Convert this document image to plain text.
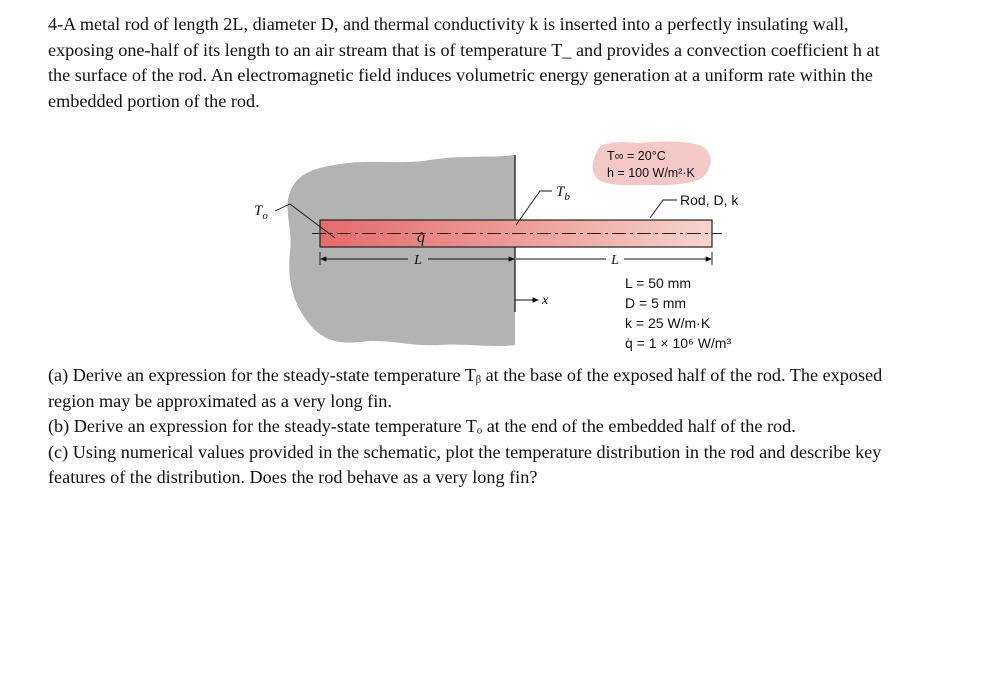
4-A metal rod of length 2L, diameter D, and thermal conductivity k is inserted into a perfectly insulating wall,
exposing one-half of its length to an air stream that is of temperature T_ and provides a convection coefficient h at
the surface of the rod. An electromagnetic field induces volumetric energy generation at a uniform rate within the
embedded portion of the rod.
$T_o$
$T_b$	Rod, D, k
T∞ = 20°C
h = 100 W/m²·K
q̇
L	L
x
L = 50 mm
D = 5 mm
k = 25 W/m·K
q̇ = 1 × 10⁶ W/m³
(a) Derive an expression for the steady-state temperature Tᵦ at the base of the exposed half of the rod. The exposed
region may be approximated as a very long fin.
(b) Derive an expression for the steady-state temperature Tₒ at the end of the embedded half of the rod.
(c) Using numerical values provided in the schematic, plot the temperature distribution in the rod and describe key
features of the distribution. Does the rod behave as a very long fin?
